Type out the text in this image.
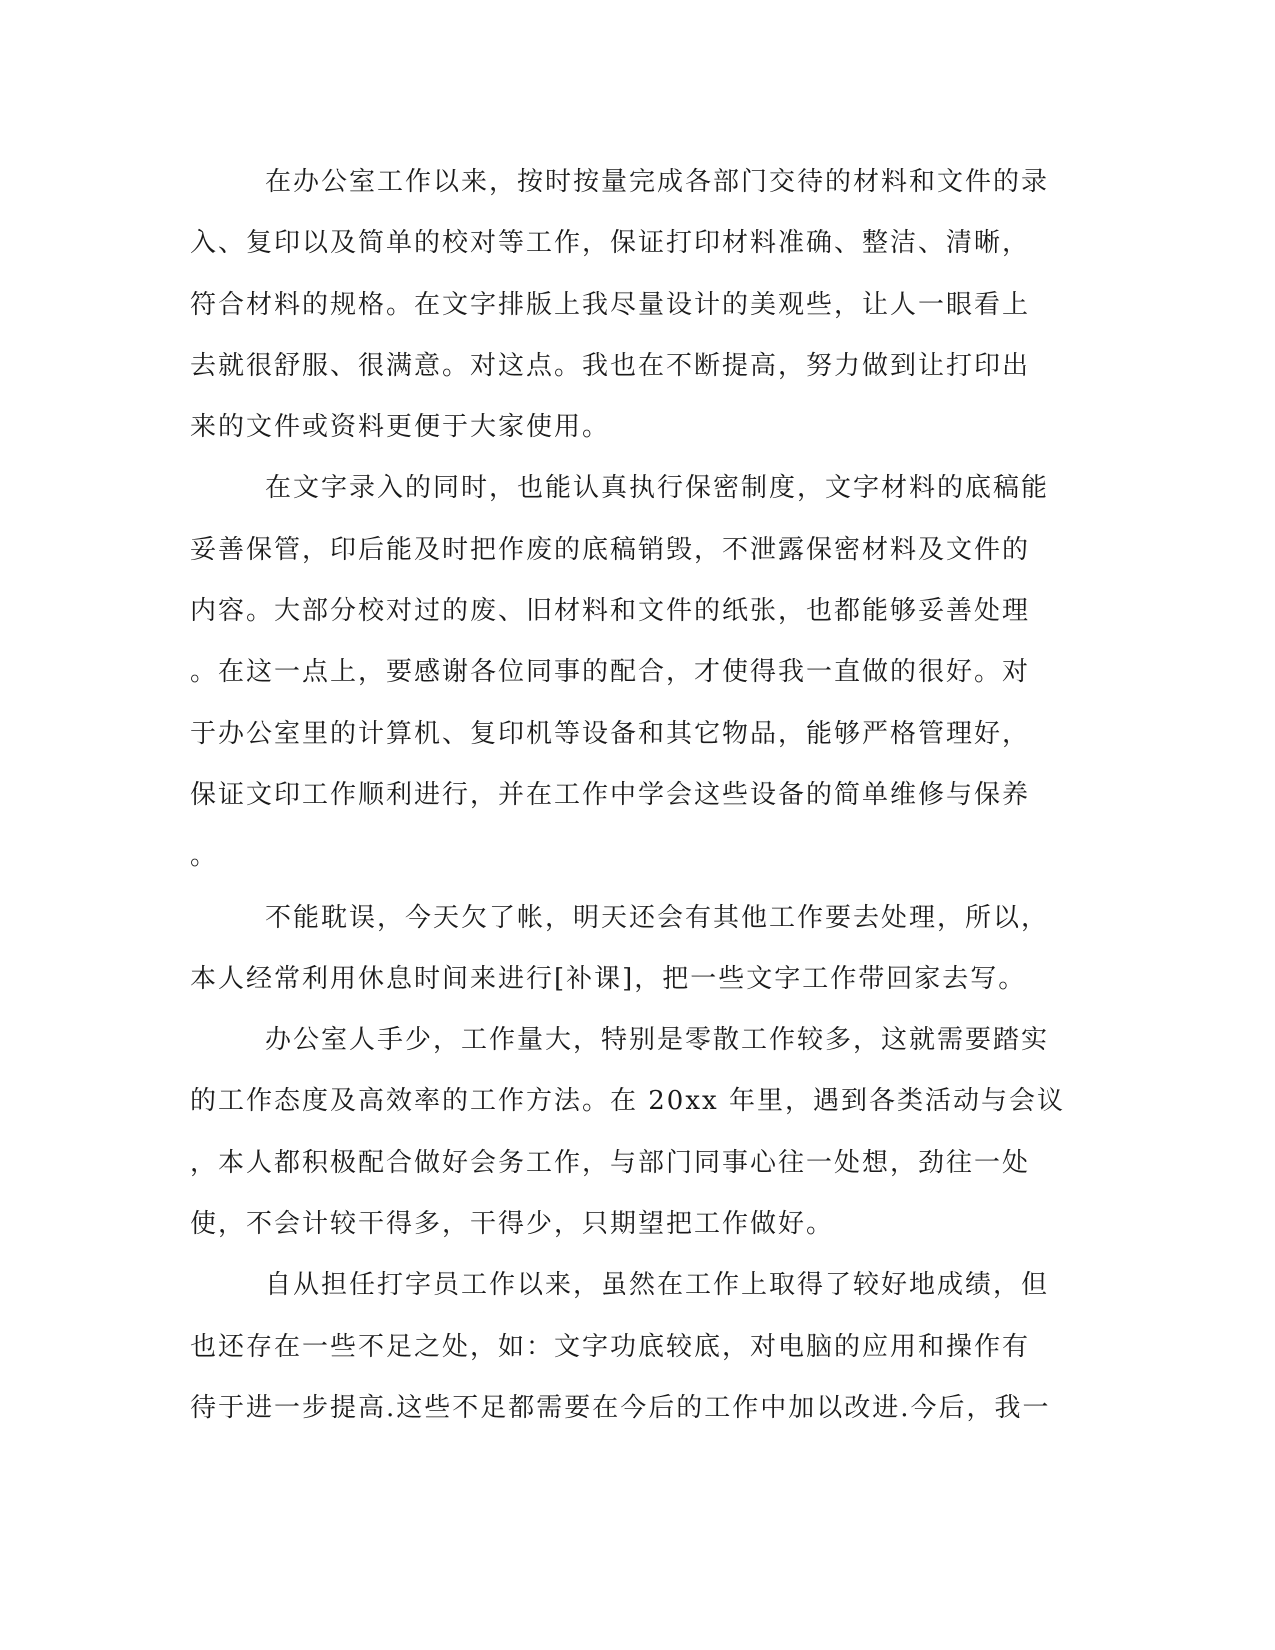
在办公室工作以来，按时按量完成各部门交待的材料和文件的录
入、复印以及简单的校对等工作，保证打印材料准确、整洁、清晰，
符合材料的规格。在文字排版上我尽量设计的美观些，让人一眼看上
去就很舒服、很满意。对这点。我也在不断提高，努力做到让打印出
来的文件或资料更便于大家使用。
在文字录入的同时，也能认真执行保密制度，文字材料的底稿能
妥善保管，印后能及时把作废的底稿销毁，不泄露保密材料及文件的
内容。大部分校对过的废、旧材料和文件的纸张，也都能够妥善处理
。在这一点上，要感谢各位同事的配合，才使得我一直做的很好。对
于办公室里的计算机、复印机等设备和其它物品，能够严格管理好，
保证文印工作顺利进行，并在工作中学会这些设备的简单维修与保养
。
不能耽误，今天欠了帐，明天还会有其他工作要去处理，所以，
本人经常利用休息时间来进行[补课]，把一些文字工作带回家去写。
办公室人手少，工作量大，特别是零散工作较多，这就需要踏实
的工作态度及高效率的工作方法。在 20xx 年里，遇到各类活动与会议
，本人都积极配合做好会务工作，与部门同事心往一处想，劲往一处
使，不会计较干得多，干得少，只期望把工作做好。
自从担任打字员工作以来，虽然在工作上取得了较好地成绩，但
也还存在一些不足之处，如：文字功底较底，对电脑的应用和操作有
待于进一步提高.这些不足都需要在今后的工作中加以改进.今后，我一
